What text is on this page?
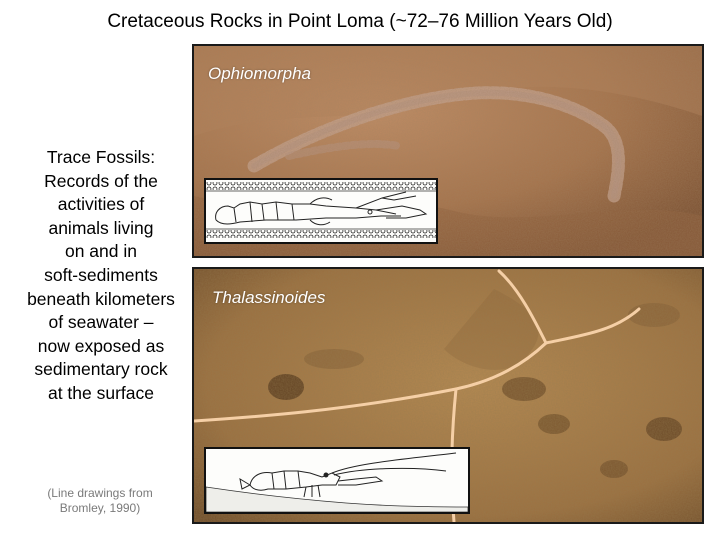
Cretaceous Rocks in Point Loma (~72–76 Million Years Old)
Trace Fossils:
Records of the
activities of
animals living
on and in
soft-sediments
beneath kilometers
of seawater –
now exposed as
sedimentary rock
at the surface
(Line drawings from
Bromley, 1990)
Ophiomorpha
Thalassinoides
